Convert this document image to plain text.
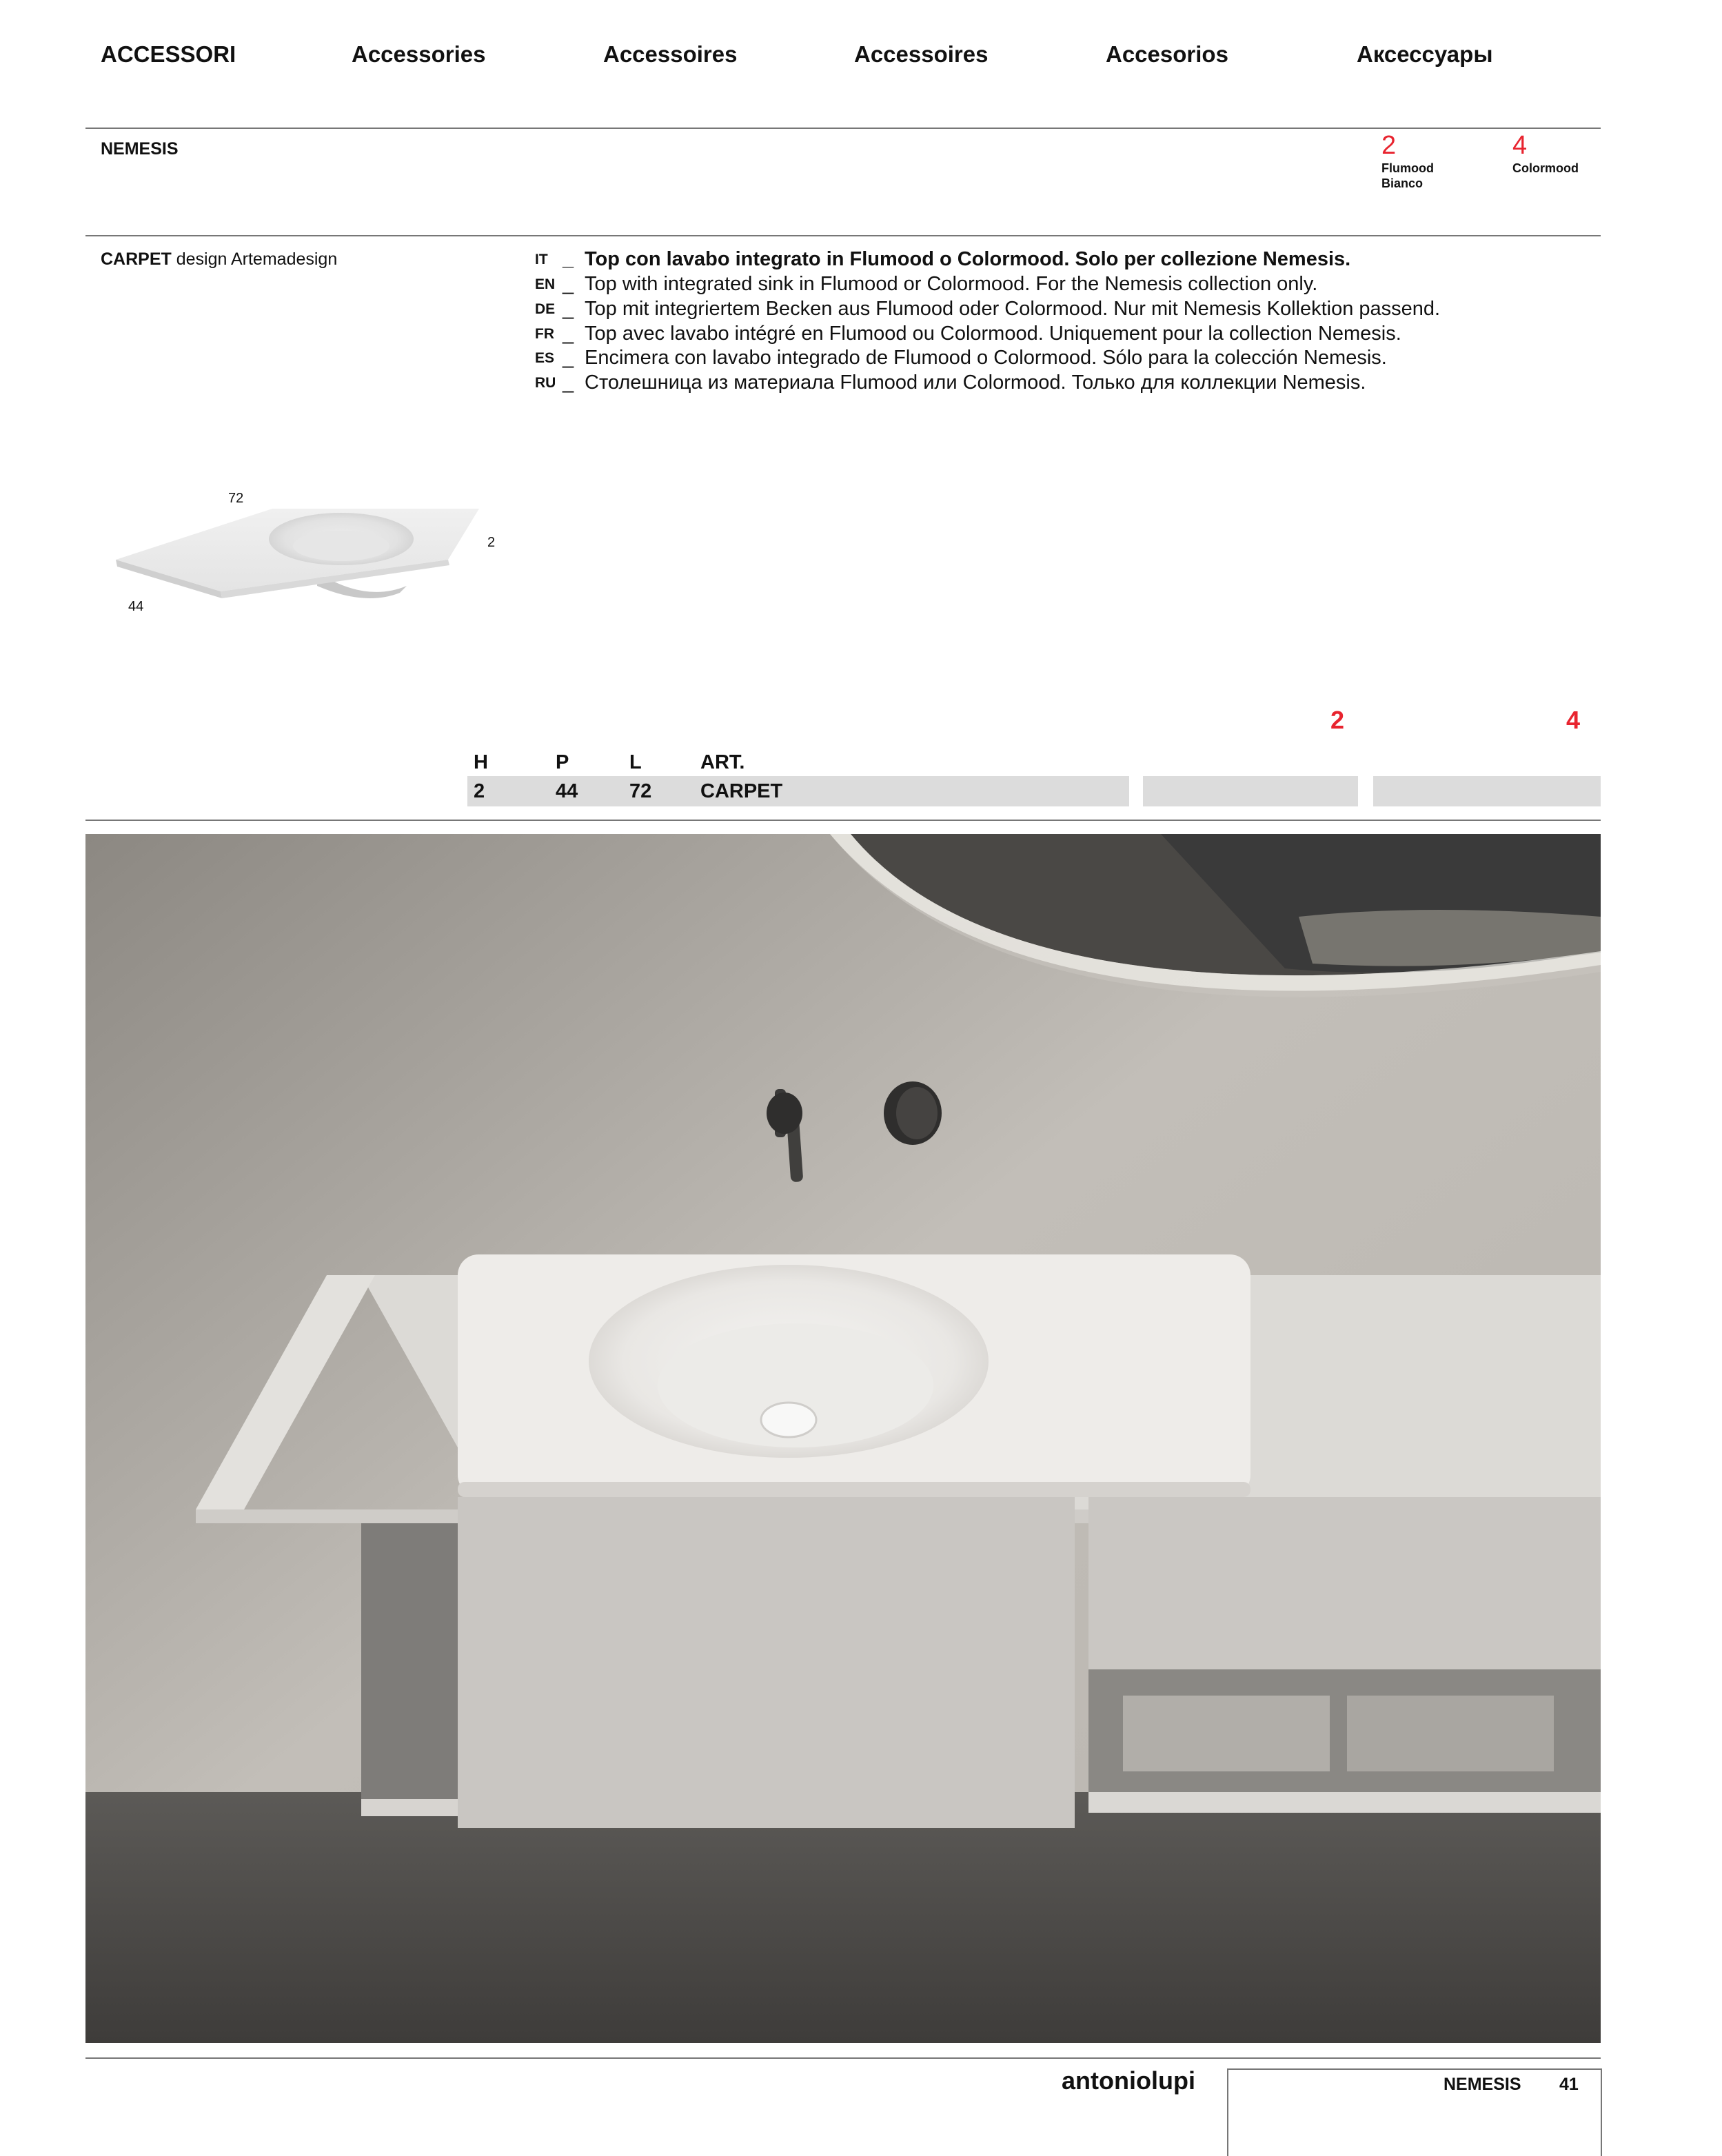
ACCESSORI	Accessories	Accessoires	Accessoires	Accesorios	Аксессуары
NEMESIS	2
Flumood
Bianco
4
Colormood
CARPET design Artemadesign	IT _ Top con lavabo integrato in Flumood o Colormood. Solo per collezione Nemesis.
EN _ Top with integrated sink in Flumood or Colormood. For the Nemesis collection only.
DE _ Top mit integriertem Becken aus Flumood oder Colormood. Nur mit Nemesis Kollektion passend.
FR _ Top avec lavabo intégré en Flumood ou Colormood. Uniquement pour la collection Nemesis.
ES _ Encimera con lavabo integrado de Flumood o Colormood. Sólo para la colección Nemesis.
RU _ Столешница из материала Flumood или Colormood. Только для коллекции Nemesis.
72
2
44
2	4
H	P	L	ART.
2	44	72 CARPET
antoniolupi	NEMESIS 41
